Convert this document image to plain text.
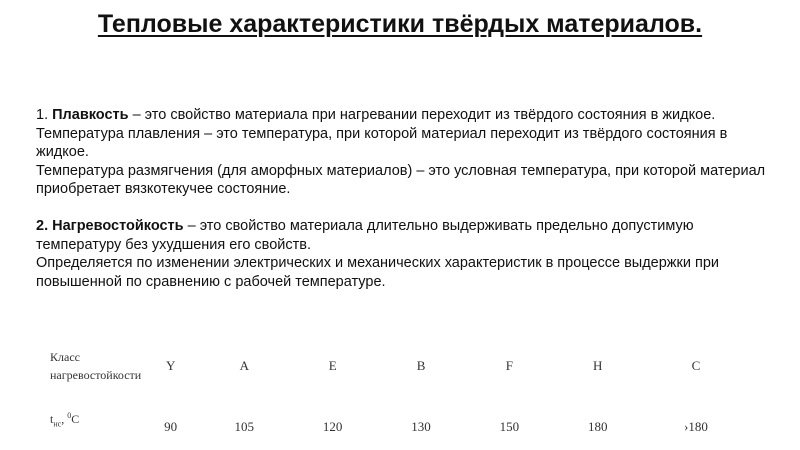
Тепловые характеристики твёрдых материалов.

1. Плавкость – это свойство материала при нагревании переходит из твёрдого состояния в жидкое.

Температура плавления – это температура, при которой материал переходит из твёрдого состояния в жидкое.

Температура размягчения (для аморфных материалов) – это условная температура, при которой материал приобретает вязкотекучее состояние.

2. Нагревостойкость – это свойство материала длительно выдерживать предельно допустимую температуру без ухудшения его свойств.

Определяется по изменении электрических и механических характеристик в процессе выдержки при повышенной по сравнению с рабочей температуре.

Класс нагревостойкости	Y	A	E	B	F	H	C
$t_{нс}$, $^0$С	90	105	120	130	150	180	›180
